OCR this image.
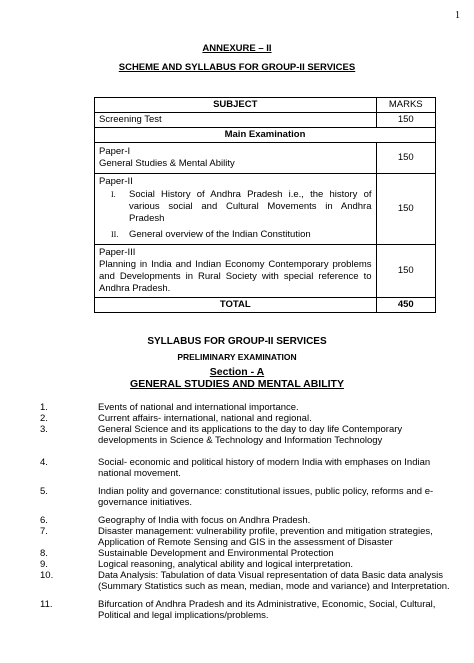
1
ANNEXURE – II
SCHEME AND SYLLABUS FOR GROUP-II SERVICES
SUBJECT	MARKS
Screening Test	150
Main Examination	

Paper-I
General Studies & Mental Ability	150

Paper-II
I. Social History of Andhra Pradesh i.e., the history of various social and Cultural Movements in Andhra Pradesh
II. General overview of the Indian Constitution	150

Paper-III
Planning in India and Indian Economy Contemporary problems and Developments in Rural Society with special reference to Andhra Pradesh.	150
TOTAL	450
SYLLABUS FOR GROUP-II SERVICES
PRELIMINARY EXAMINATION
Section - A
GENERAL STUDIES AND MENTAL ABILITY
1.	Events of national and international importance.
2.	Current affairs- international, national and regional.
3.	General Science and its applications to the day to day life Contemporary developments in Science & Technology and Information Technology
4.	Social- economic and political history of modern India with emphases on Indian national movement.
5.	Indian polity and governance: constitutional issues, public policy, reforms and e-governance initiatives.
6.	Geography of India with focus on Andhra Pradesh.
7.	Disaster management: vulnerability profile, prevention and mitigation strategies, Application of Remote Sensing and GIS in the assessment of Disaster
8.	Sustainable Development and Environmental Protection
9.	Logical reasoning, analytical ability and logical interpretation.
10.	Data Analysis: Tabulation of data Visual representation of data Basic data analysis (Summary Statistics such as mean, median, mode and variance) and Interpretation.
11.	Bifurcation of Andhra Pradesh and its Administrative, Economic, Social, Cultural, Political and legal implications/problems.
